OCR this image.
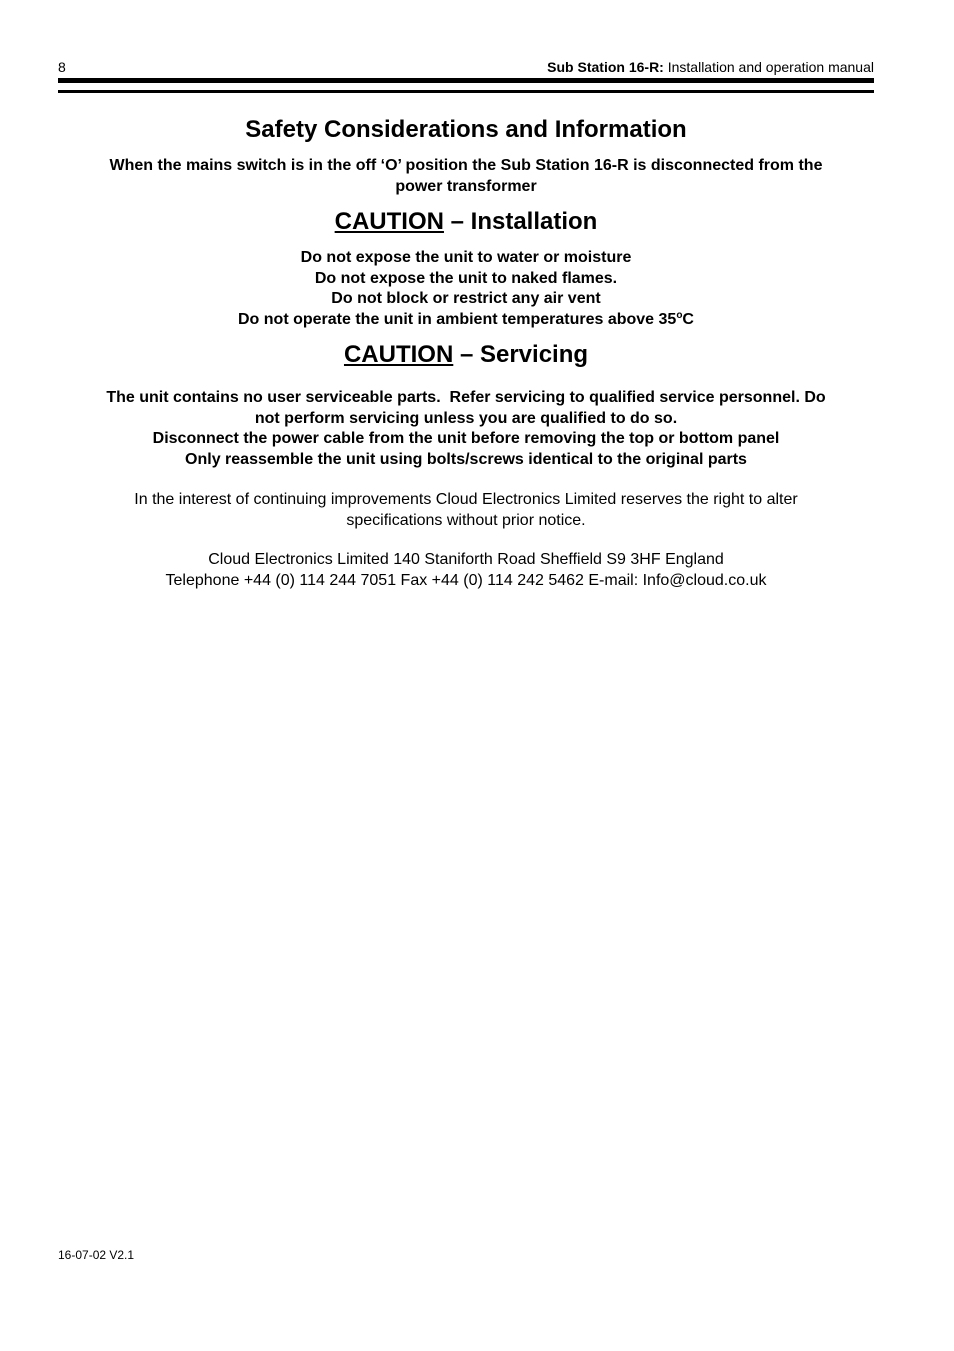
8	Sub Station 16-R: Installation and operation manual
Safety Considerations and Information
When the mains switch is in the off ‘O’ position the Sub Station 16-R is disconnected from the
power transformer
CAUTION – Installation
Do not expose the unit to water or moisture
Do not expose the unit to naked flames.
Do not block or restrict any air vent
Do not operate the unit in ambient temperatures above 35$^o$C
CAUTION – Servicing
The unit contains no user serviceable parts.  Refer servicing to qualified service personnel. Do
not perform servicing unless you are qualified to do so.
Disconnect the power cable from the unit before removing the top or bottom panel
Only reassemble the unit using bolts/screws identical to the original parts
In the interest of continuing improvements Cloud Electronics Limited reserves the right to alter
specifications without prior notice.
Cloud Electronics Limited 140 Staniforth Road Sheffield S9 3HF England
Telephone +44 (0) 114 244 7051 Fax +44 (0) 114 242 5462 E-mail: Info@cloud.co.uk
16-07-02 V2.1
